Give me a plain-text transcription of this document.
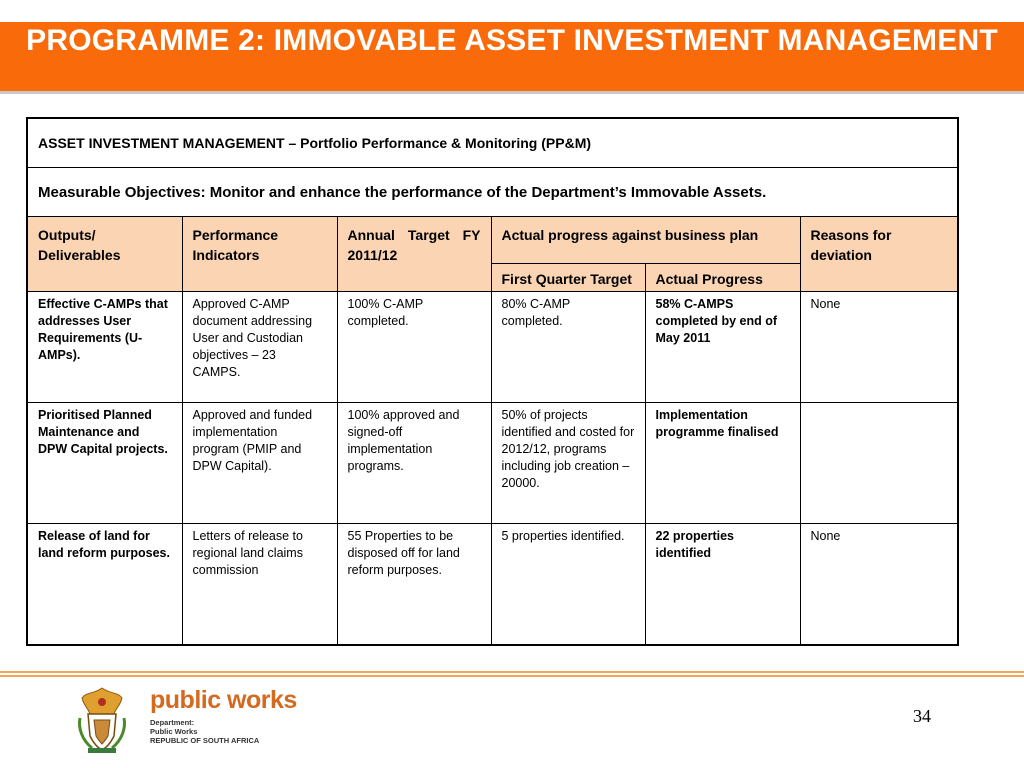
PROGRAMME 2: IMMOVABLE ASSET INVESTMENT MANAGEMENT
ASSET INVESTMENT MANAGEMENT – Portfolio Performance & Monitoring (PP&M)					
Measurable Objectives: Monitor and enhance the performance of the Department’s Immovable Assets.					
Outputs/ Deliverables	Performance Indicators	Annual Target FY 2011/12	Actual progress against business plan		Reasons for deviation
			First Quarter Target	Actual Progress	
Effective C-AMPs that addresses User Requirements (U-AMPs).	Approved C-AMP document addressing User and Custodian objectives – 23 CAMPS.	100% C-AMP completed.	80% C-AMP completed.	58% C-AMPS completed by end of May 2011	None
Prioritised Planned Maintenance and DPW Capital projects.	Approved and funded implementation program (PMIP and DPW Capital).	100% approved and signed-off implementation programs.	50% of projects identified and costed for 2012/12, programs including job creation – 20000.	Implementation programme finalised	
Release of land for land reform purposes.	Letters of release to regional land claims commission	55 Properties to be disposed off for land reform purposes.	5 properties identified.	22 properties identified	None
public works
Department:
Public Works
REPUBLIC OF SOUTH AFRICA
34
